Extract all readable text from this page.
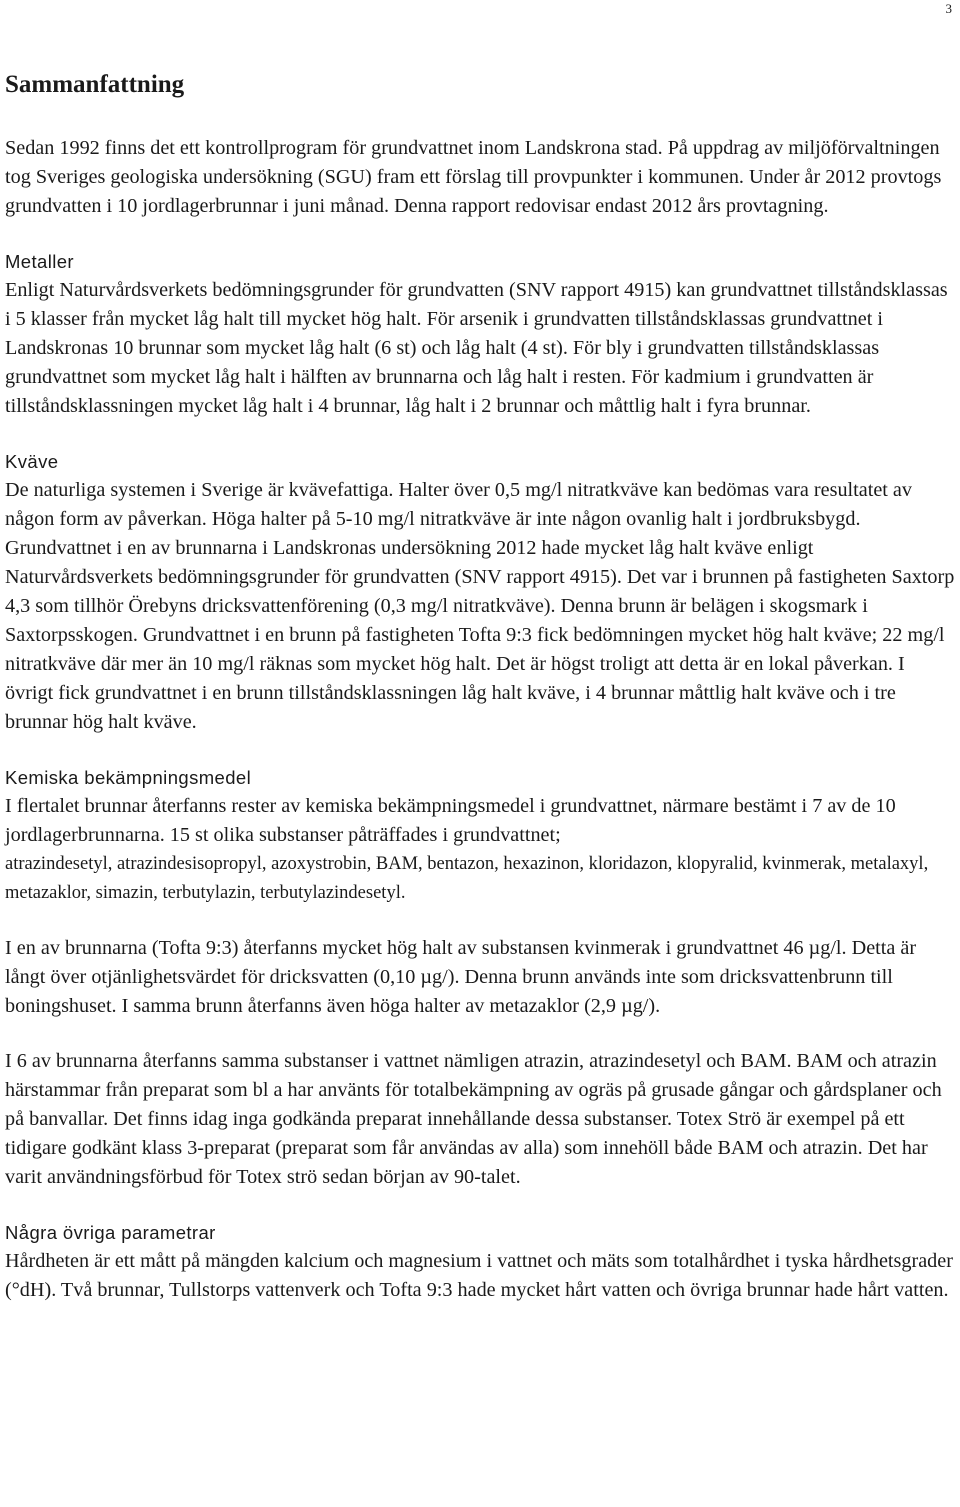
3
Sammanfattning

Sedan 1992 finns det ett kontrollprogram för grundvattnet inom Landskrona stad. På uppdrag av miljöförvaltningen tog Sveriges geologiska undersökning (SGU) fram ett förslag till provpunkter i kommunen. Under år 2012 provtogs grundvatten i 10 jordlagerbrunnar i juni månad. Denna rapport redovisar endast 2012 års provtagning.

Metaller

Enligt Naturvårdsverkets bedömningsgrunder för grundvatten (SNV rapport 4915) kan grundvattnet tillståndsklassas i 5 klasser från mycket låg halt till mycket hög halt. För arsenik i grundvatten tillståndsklassas grundvattnet i Landskronas 10 brunnar som mycket låg halt (6 st) och låg halt (4 st). För bly i grundvatten tillståndsklassas grundvattnet som mycket låg halt i hälften av brunnarna och låg halt i resten. För kadmium i grundvatten är tillståndsklassningen mycket låg halt i 4 brunnar, låg halt i 2 brunnar och måttlig halt i fyra brunnar.

Kväve

De naturliga systemen i Sverige är kvävefattiga. Halter över 0,5 mg/l nitratkväve kan bedömas vara resultatet av någon form av påverkan. Höga halter på 5-10 mg/l nitratkväve är inte någon ovanlig halt i jordbruksbygd. Grundvattnet i en av brunnarna i Landskronas undersökning 2012 hade mycket låg halt kväve enligt Naturvårdsverkets bedömningsgrunder för grundvatten (SNV rapport 4915). Det var i brunnen på fastigheten Saxtorp 4,3 som tillhör Örebyns dricksvattenförening (0,3 mg/l nitratkväve). Denna brunn är belägen i skogsmark i Saxtorpsskogen. Grundvattnet i en brunn på fastigheten Tofta 9:3 fick bedömningen mycket hög halt kväve; 22 mg/l nitratkväve där mer än 10 mg/l räknas som mycket hög halt. Det är högst troligt att detta är en lokal påverkan. I övrigt fick grundvattnet i en brunn tillståndsklassningen låg halt kväve, i 4 brunnar måttlig halt kväve och i tre brunnar hög halt kväve.

Kemiska bekämpningsmedel

I flertalet brunnar återfanns rester av kemiska bekämpningsmedel i grundvattnet, närmare bestämt i 7 av de 10 jordlagerbrunnarna. 15 st olika substanser påträffades i grundvattnet;

atrazindesetyl, atrazindesisopropyl, azoxystrobin, BAM, bentazon, hexazinon, kloridazon, klopyralid, kvinmerak, metalaxyl, metazaklor, simazin, terbutylazin, terbutylazindesetyl.

I en av brunnarna (Tofta 9:3) återfanns mycket hög halt av substansen kvinmerak i grundvattnet 46 µg/l. Detta är långt över otjänlighetsvärdet för dricksvatten (0,10 µg/). Denna brunn används inte som dricksvattenbrunn till boningshuset. I samma brunn återfanns även höga halter av metazaklor (2,9 µg/).

I 6 av brunnarna återfanns samma substanser i vattnet nämligen atrazin, atrazindesetyl och BAM. BAM och atrazin härstammar från preparat som bl a har använts för totalbekämpning av ogräs på grusade gångar och gårdsplaner och på banvallar. Det finns idag inga godkända preparat innehållande dessa substanser. Totex Strö är exempel på ett tidigare godkänt klass 3-preparat (preparat som får användas av alla) som innehöll både BAM och atrazin. Det har varit användningsförbud för Totex strö sedan början av 90-talet.

Några övriga parametrar

Hårdheten är ett mått på mängden kalcium och magnesium i vattnet och mäts som totalhårdhet i tyska hårdhetsgrader (°dH). Två brunnar, Tullstorps vattenverk och Tofta 9:3 hade mycket hårt vatten och övriga brunnar hade hårt vatten.
